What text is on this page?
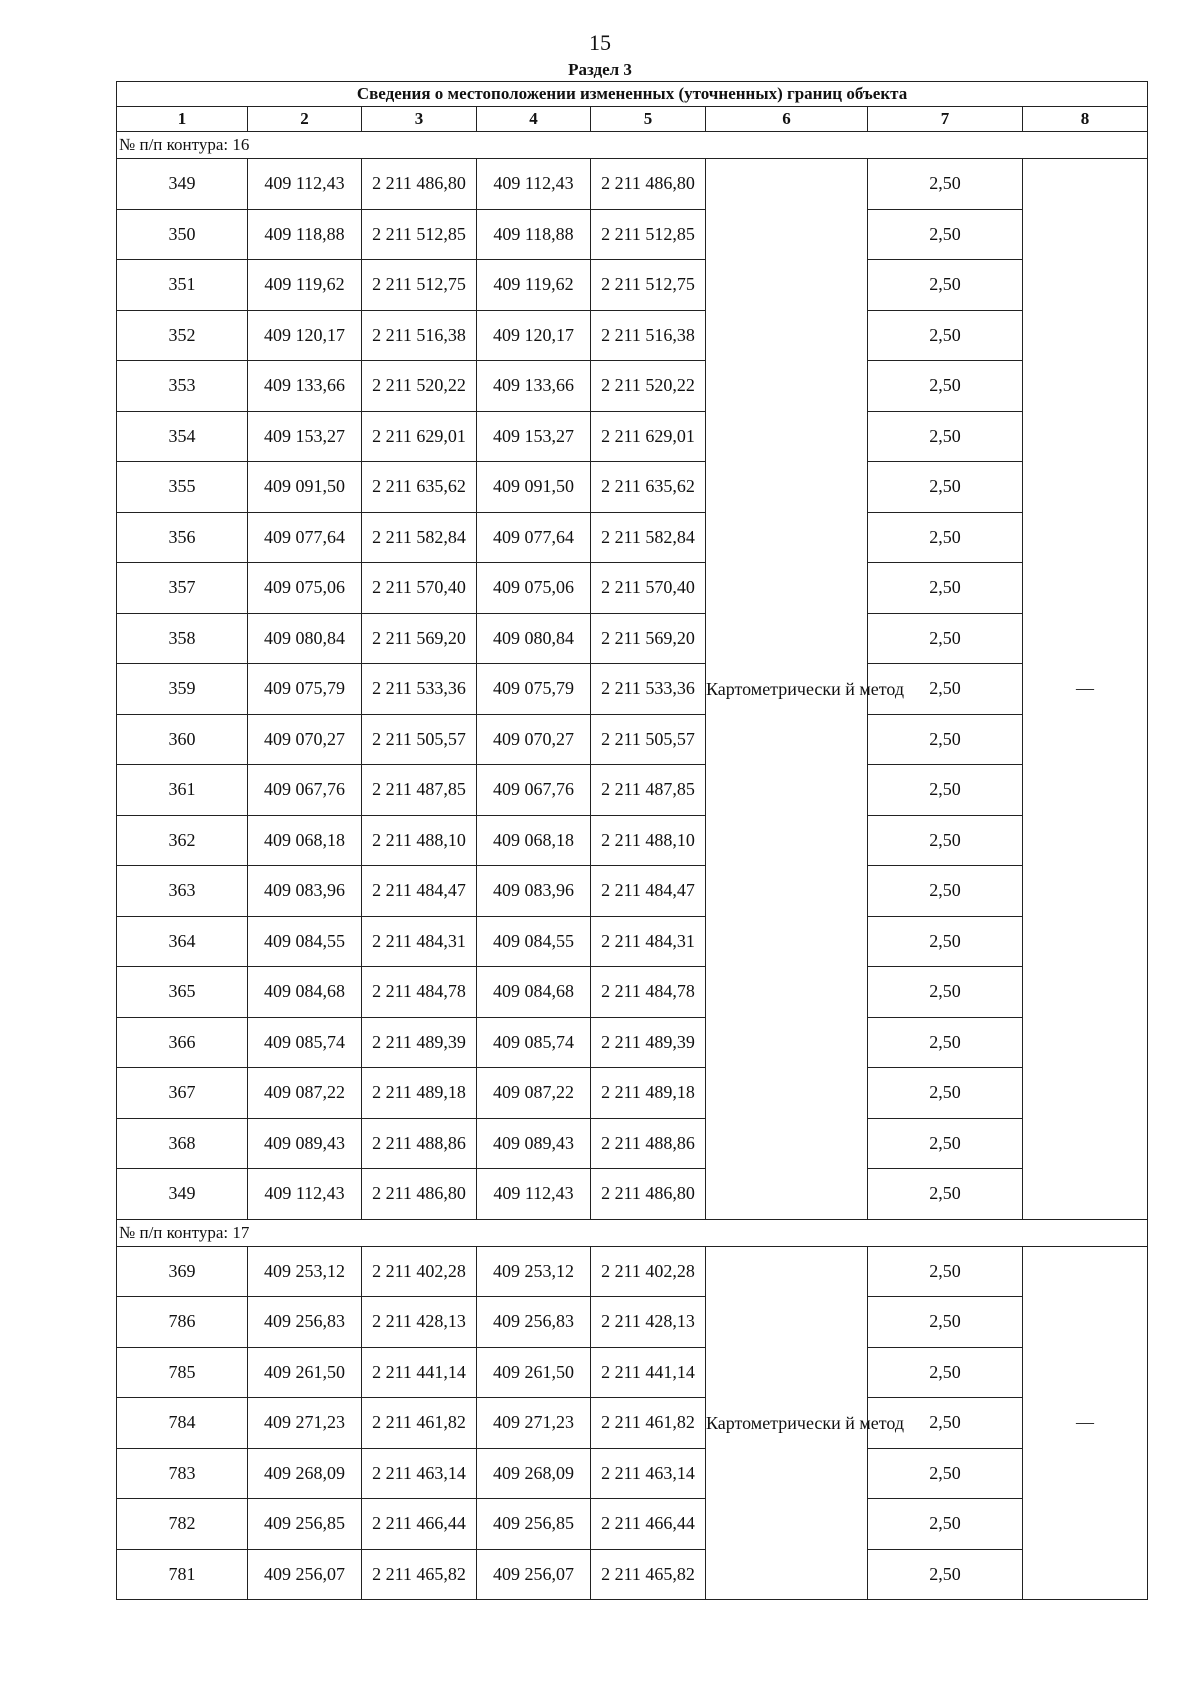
15
Раздел 3
Сведения о местоположении измененных (уточненных) границ объекта							
1	2	3	4	5	6	7	8
№ п/п контура: 16							
349	409 112,43	2 211 486,80	409 112,43	2 211 486,80	Картометрически й метод	2,50	—
350	409 118,88	2 211 512,85	409 118,88	2 211 512,85		2,50	
351	409 119,62	2 211 512,75	409 119,62	2 211 512,75		2,50	
352	409 120,17	2 211 516,38	409 120,17	2 211 516,38		2,50	
353	409 133,66	2 211 520,22	409 133,66	2 211 520,22		2,50	
354	409 153,27	2 211 629,01	409 153,27	2 211 629,01		2,50	
355	409 091,50	2 211 635,62	409 091,50	2 211 635,62		2,50	
356	409 077,64	2 211 582,84	409 077,64	2 211 582,84		2,50	
357	409 075,06	2 211 570,40	409 075,06	2 211 570,40		2,50	
358	409 080,84	2 211 569,20	409 080,84	2 211 569,20		2,50	
359	409 075,79	2 211 533,36	409 075,79	2 211 533,36		2,50	
360	409 070,27	2 211 505,57	409 070,27	2 211 505,57		2,50	
361	409 067,76	2 211 487,85	409 067,76	2 211 487,85		2,50	
362	409 068,18	2 211 488,10	409 068,18	2 211 488,10		2,50	
363	409 083,96	2 211 484,47	409 083,96	2 211 484,47		2,50	
364	409 084,55	2 211 484,31	409 084,55	2 211 484,31		2,50	
365	409 084,68	2 211 484,78	409 084,68	2 211 484,78		2,50	
366	409 085,74	2 211 489,39	409 085,74	2 211 489,39		2,50	
367	409 087,22	2 211 489,18	409 087,22	2 211 489,18		2,50	
368	409 089,43	2 211 488,86	409 089,43	2 211 488,86		2,50	
349	409 112,43	2 211 486,80	409 112,43	2 211 486,80		2,50	
№ п/п контура: 17							
369	409 253,12	2 211 402,28	409 253,12	2 211 402,28	Картометрически й метод	2,50	—
786	409 256,83	2 211 428,13	409 256,83	2 211 428,13		2,50	
785	409 261,50	2 211 441,14	409 261,50	2 211 441,14		2,50	
784	409 271,23	2 211 461,82	409 271,23	2 211 461,82		2,50	
783	409 268,09	2 211 463,14	409 268,09	2 211 463,14		2,50	
782	409 256,85	2 211 466,44	409 256,85	2 211 466,44		2,50	
781	409 256,07	2 211 465,82	409 256,07	2 211 465,82		2,50	
